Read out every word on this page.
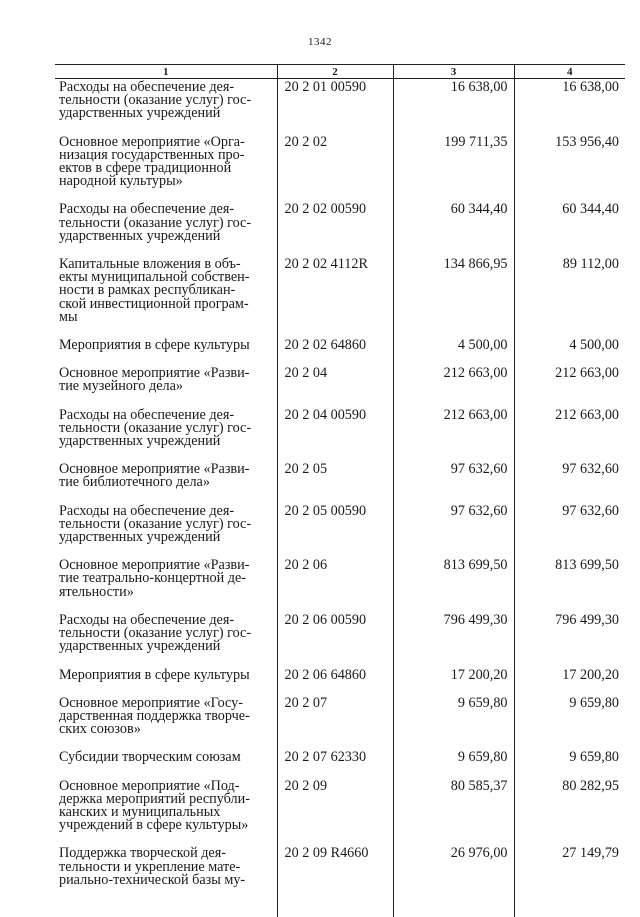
1342
1	2	3	4

Расходы на обеспечение дея-
тельности (оказание услуг) гос-
ударственных учреждений	20 2 01 00590	16 638,00	16 638,00

Основное мероприятие «Орга-
низация государственных про-
ектов в сфере традиционной
народной культуры»	20 2 02	199 711,35	153 956,40

Расходы на обеспечение дея-
тельности (оказание услуг) гос-
ударственных учреждений	20 2 02 00590	60 344,40	60 344,40

Капитальные вложения в объ-
екты муниципальной собствен-
ности в рамках республикан-
ской инвестиционной програм-
мы	20 2 02 4112R	134 866,95	89 112,00

Мероприятия в сфере культуры	20 2 02 64860	4 500,00	4 500,00

Основное мероприятие «Разви-
тие музейного дела»	20 2 04	212 663,00	212 663,00

Расходы на обеспечение дея-
тельности (оказание услуг) гос-
ударственных учреждений	20 2 04 00590	212 663,00	212 663,00

Основное мероприятие «Разви-
тие библиотечного дела»	20 2 05	97 632,60	97 632,60

Расходы на обеспечение дея-
тельности (оказание услуг) гос-
ударственных учреждений	20 2 05 00590	97 632,60	97 632,60

Основное мероприятие «Разви-
тие театрально-концертной де-
ятельности»	20 2 06	813 699,50	813 699,50

Расходы на обеспечение дея-
тельности (оказание услуг) гос-
ударственных учреждений	20 2 06 00590	796 499,30	796 499,30

Мероприятия в сфере культуры	20 2 06 64860	17 200,20	17 200,20

Основное мероприятие «Госу-
дарственная поддержка творче-
ских союзов»	20 2 07	9 659,80	9 659,80

Субсидии творческим союзам	20 2 07 62330	9 659,80	9 659,80

Основное мероприятие «Под-
держка мероприятий республи-
канских и муниципальных
учреждений в сфере культуры»	20 2 09	80 585,37	80 282,95

Поддержка творческой дея-
тельности и укрепление мате-
риально-технической базы му-	20 2 09 R4660	26 976,00	27 149,79
